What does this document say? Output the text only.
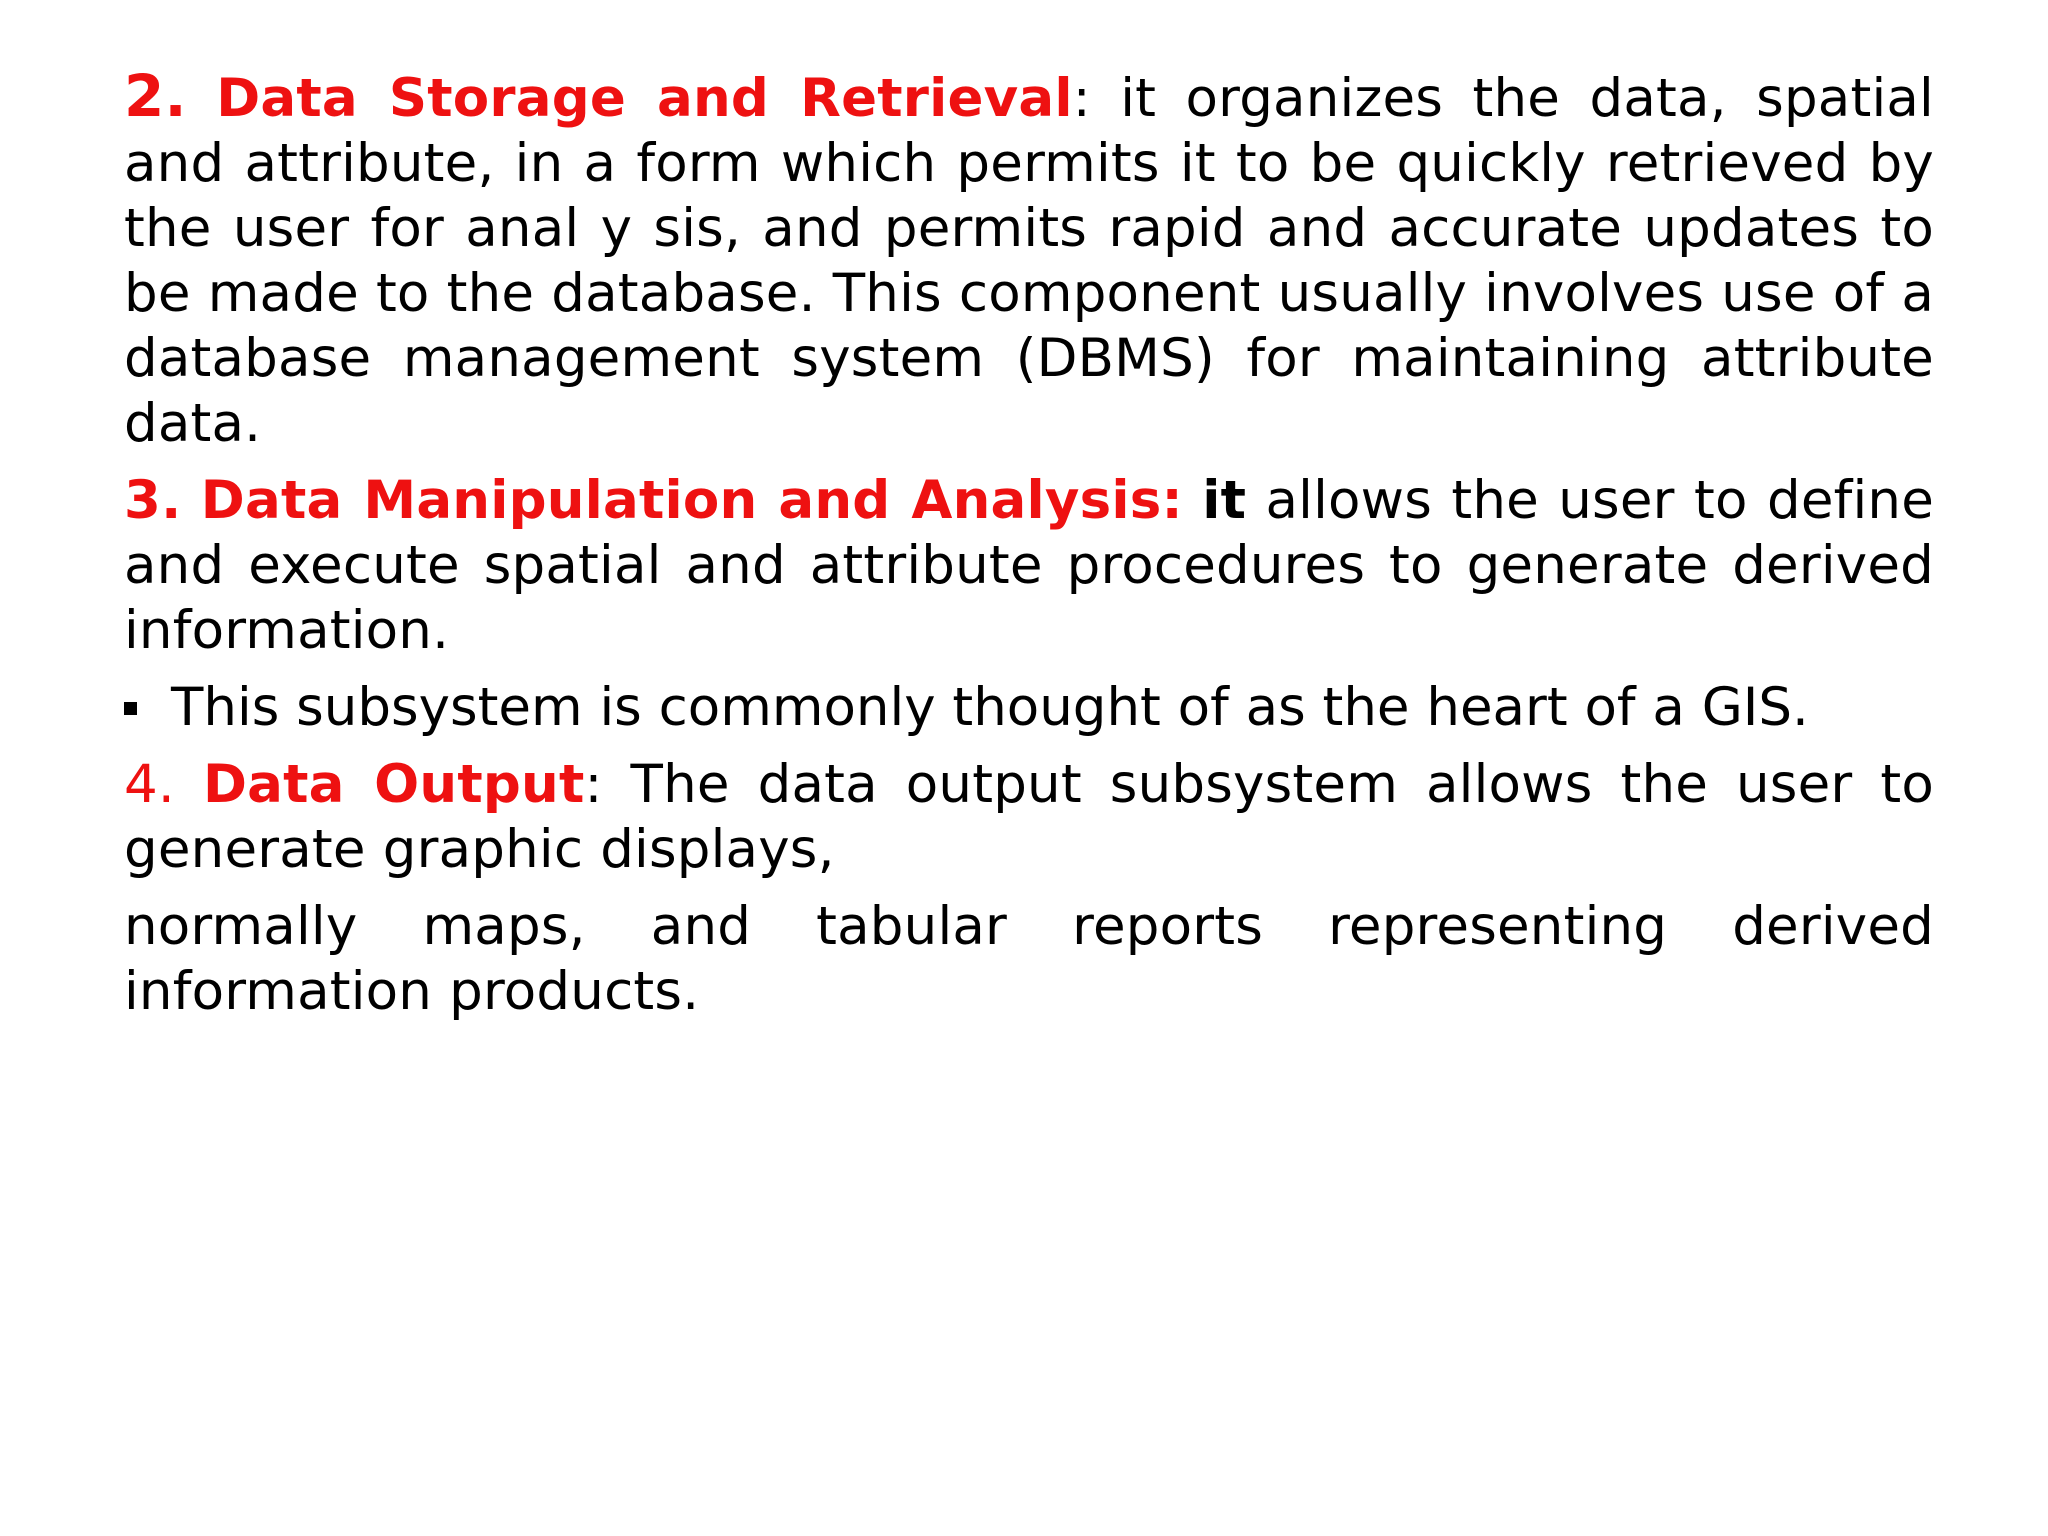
2. Data Storage and Retrieval: it organizes the data, spatial and attribute, in a form which permits it to be quickly retrieved by the user for anal y sis, and permits rapid and accurate updates to be made to the database. This component usually involves use of a database management system (DBMS) for maintaining attribute data.

3. Data Manipulation and Analysis: it allows the user to define and execute spatial and attribute procedures to generate derived information.

This subsystem is commonly thought of as the heart of a GIS.

4. Data Output: The data output subsystem allows the user to generate graphic displays,

normally maps, and tabular reports representing derived information products.
